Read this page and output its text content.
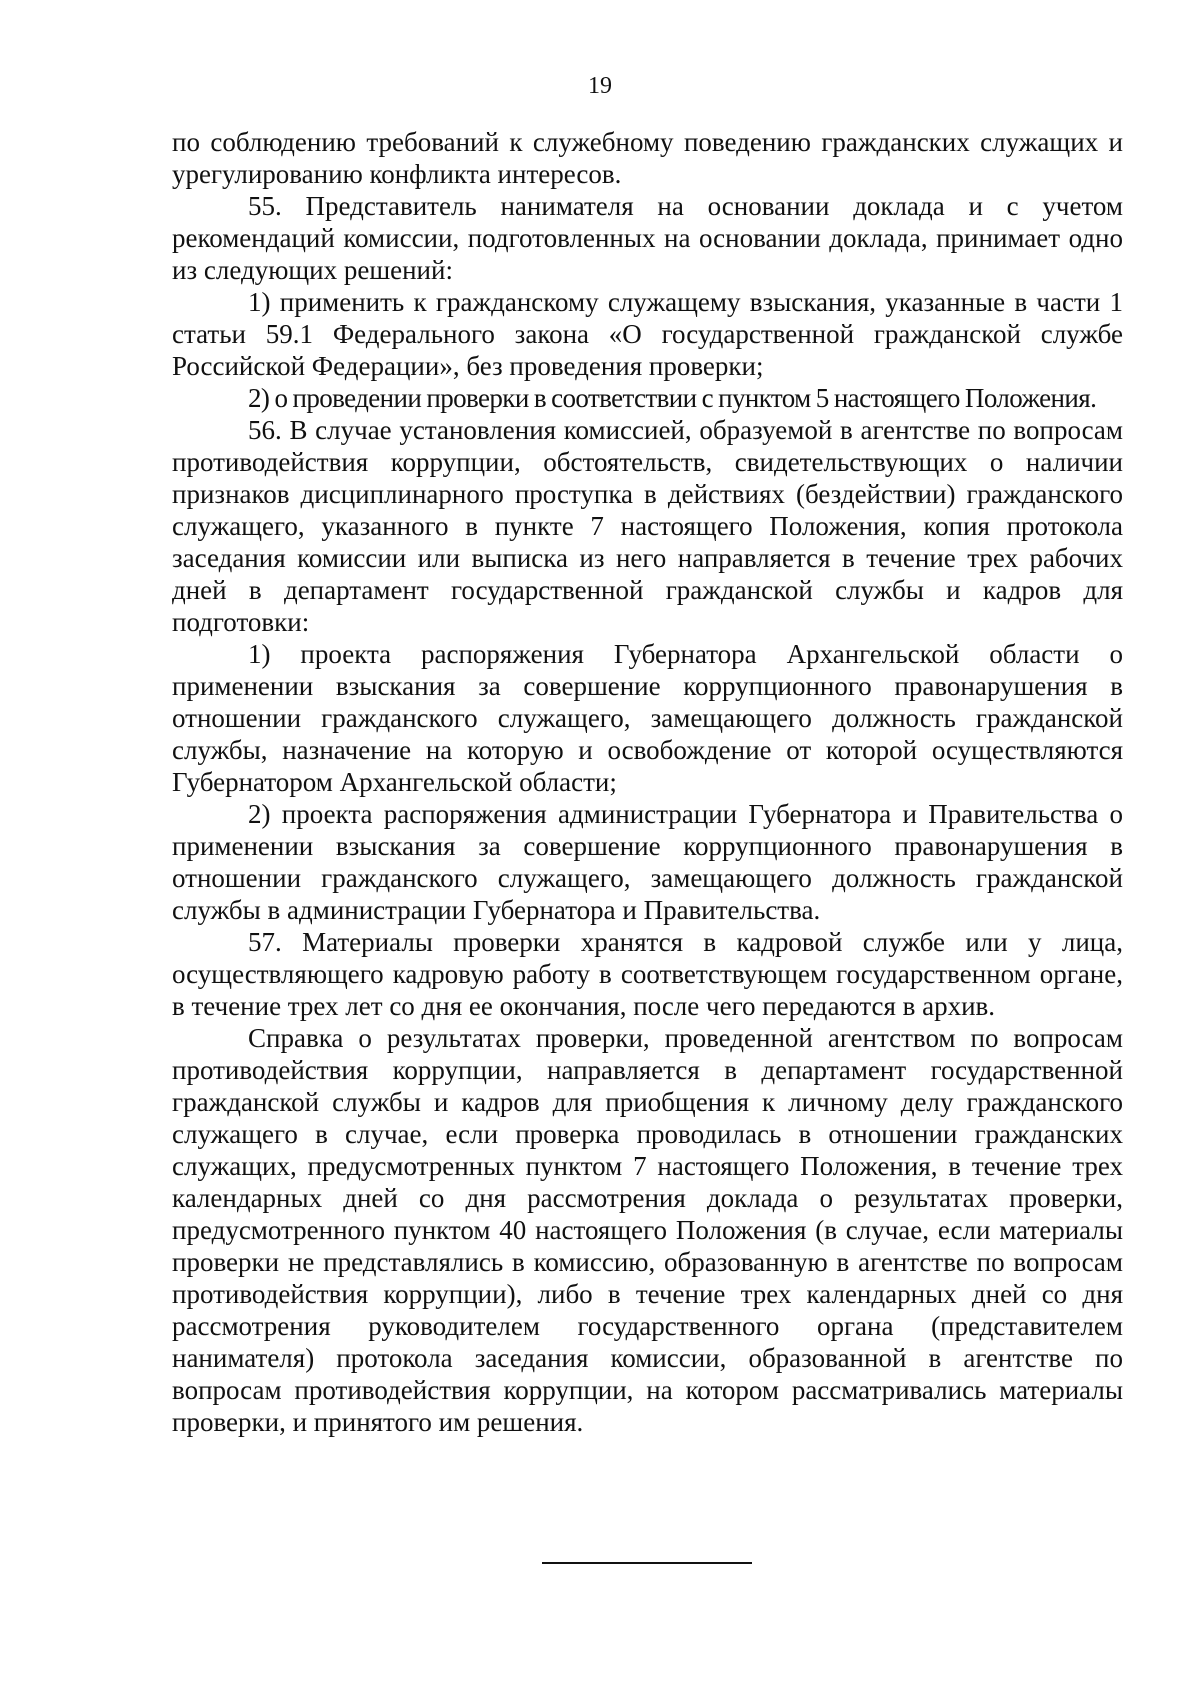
19

по соблюдению требований к служебному поведению гражданских служащих и урегулированию конфликта интересов.

55. Представитель нанимателя на основании доклада и с учетом рекомендаций комиссии, подготовленных на основании доклада, принимает одно из следующих решений:

1) применить к гражданскому служащему взыскания, указанные в части 1 статьи 59.1 Федерального закона «О государственной гражданской службе Российской Федерации», без проведения проверки;

2) о проведении проверки в соответствии с пунктом 5 настоящего Положения.

56. В случае установления комиссией, образуемой в агентстве по вопросам противодействия коррупции, обстоятельств, свидетельствующих о наличии признаков дисциплинарного проступка в действиях (бездействии) гражданского служащего, указанного в пункте 7 настоящего Положения, копия протокола заседания комиссии или выписка из него направляется в течение трех рабочих дней в департамент государственной гражданской службы и кадров для подготовки:

1) проекта распоряжения Губернатора Архангельской области о применении взыскания за совершение коррупционного правонарушения в отношении гражданского служащего, замещающего должность гражданской службы, назначение на которую и освобождение от которой осуществляются Губернатором Архангельской области;

2) проекта распоряжения администрации Губернатора и Правительства о применении взыскания за совершение коррупционного правонарушения в отношении гражданского служащего, замещающего должность гражданской службы в администрации Губернатора и Правительства.

57. Материалы проверки хранятся в кадровой службе или у лица, осуществляющего кадровую работу в соответствующем государственном органе, в течение трех лет со дня ее окончания, после чего передаются в архив.

Справка о результатах проверки, проведенной агентством по вопросам противодействия коррупции, направляется в департамент государственной гражданской службы и кадров для приобщения к личному делу гражданского служащего в случае, если проверка проводилась в отношении гражданских служащих, предусмотренных пунктом 7 настоящего Положения, в течение трех календарных дней со дня рассмотрения доклада о результатах проверки, предусмотренного пунктом 40 настоящего Положения (в случае, если материалы проверки не представлялись в комиссию, образованную в агентстве по вопросам противодействия коррупции), либо в течение трех календарных дней со дня рассмотрения руководителем государственного органа (представителем нанимателя) протокола заседания комиссии, образованной в агентстве по вопросам противодействия коррупции, на котором рассматривались материалы проверки, и принятого им решения.
